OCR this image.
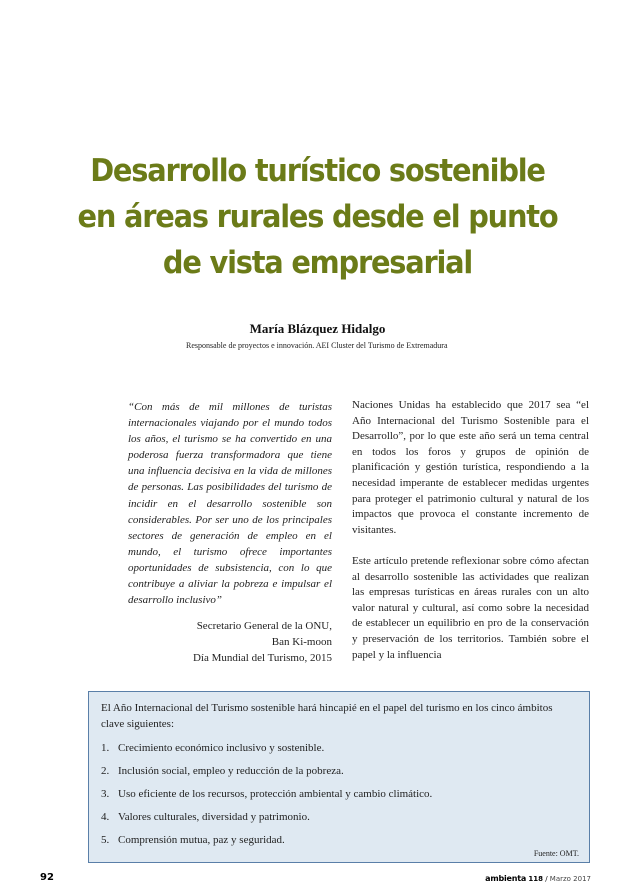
Desarrollo turístico sostenible
en áreas rurales desde el punto
de vista empresarial
María Blázquez Hidalgo
Responsable de proyectos e innovación. AEI Cluster del Turismo de Extremadura
“Con más de mil millones de turistas internacionales viajando por el mundo todos los años, el turismo se ha convertido en una poderosa fuerza transformadora que tiene una influencia decisiva en la vida de millones de personas. Las posibilidades del turismo de incidir en el desarrollo sostenible son considerables. Por ser uno de los principales sectores de generación de empleo en el mundo, el turismo ofrece importantes oportunidades de subsistencia, con lo que contribuye a aliviar la pobreza e impulsar el desarrollo inclusivo”
Secretario General de la ONU,
Ban Ki-moon
Día Mundial del Turismo, 2015

Naciones Unidas ha establecido que 2017 sea “el Año Internacional del Turismo Sostenible para el Desarrollo”, por lo que este año será un tema central en todos los foros y grupos de opinión de planificación y gestión turística, respondiendo a la necesidad imperante de establecer medidas urgentes para proteger el patrimonio cultural y natural de los impactos que provoca el constante incremento de visitantes.

Este artículo pretende reflexionar sobre cómo afectan al desarrollo sostenible las actividades que realizan las empresas turísticas en áreas rurales con un alto valor natural y cultural, así como sobre la necesidad de establecer un equilibrio en pro de la conservación y preservación de los territorios. También sobre el papel y la influencia

El Año Internacional del Turismo sostenible hará hincapié en el papel del turismo en los cinco ámbitos clave siguientes:

1. Crecimiento económico inclusivo y sostenible.
2. Inclusión social, empleo y reducción de la pobreza.
3. Uso eficiente de los recursos, protección ambiental y cambio climático.
4. Valores culturales, diversidad y patrimonio.
5. Comprensión mutua, paz y seguridad.
Fuente: OMT.
92	ambienta 118 / Marzo 2017
